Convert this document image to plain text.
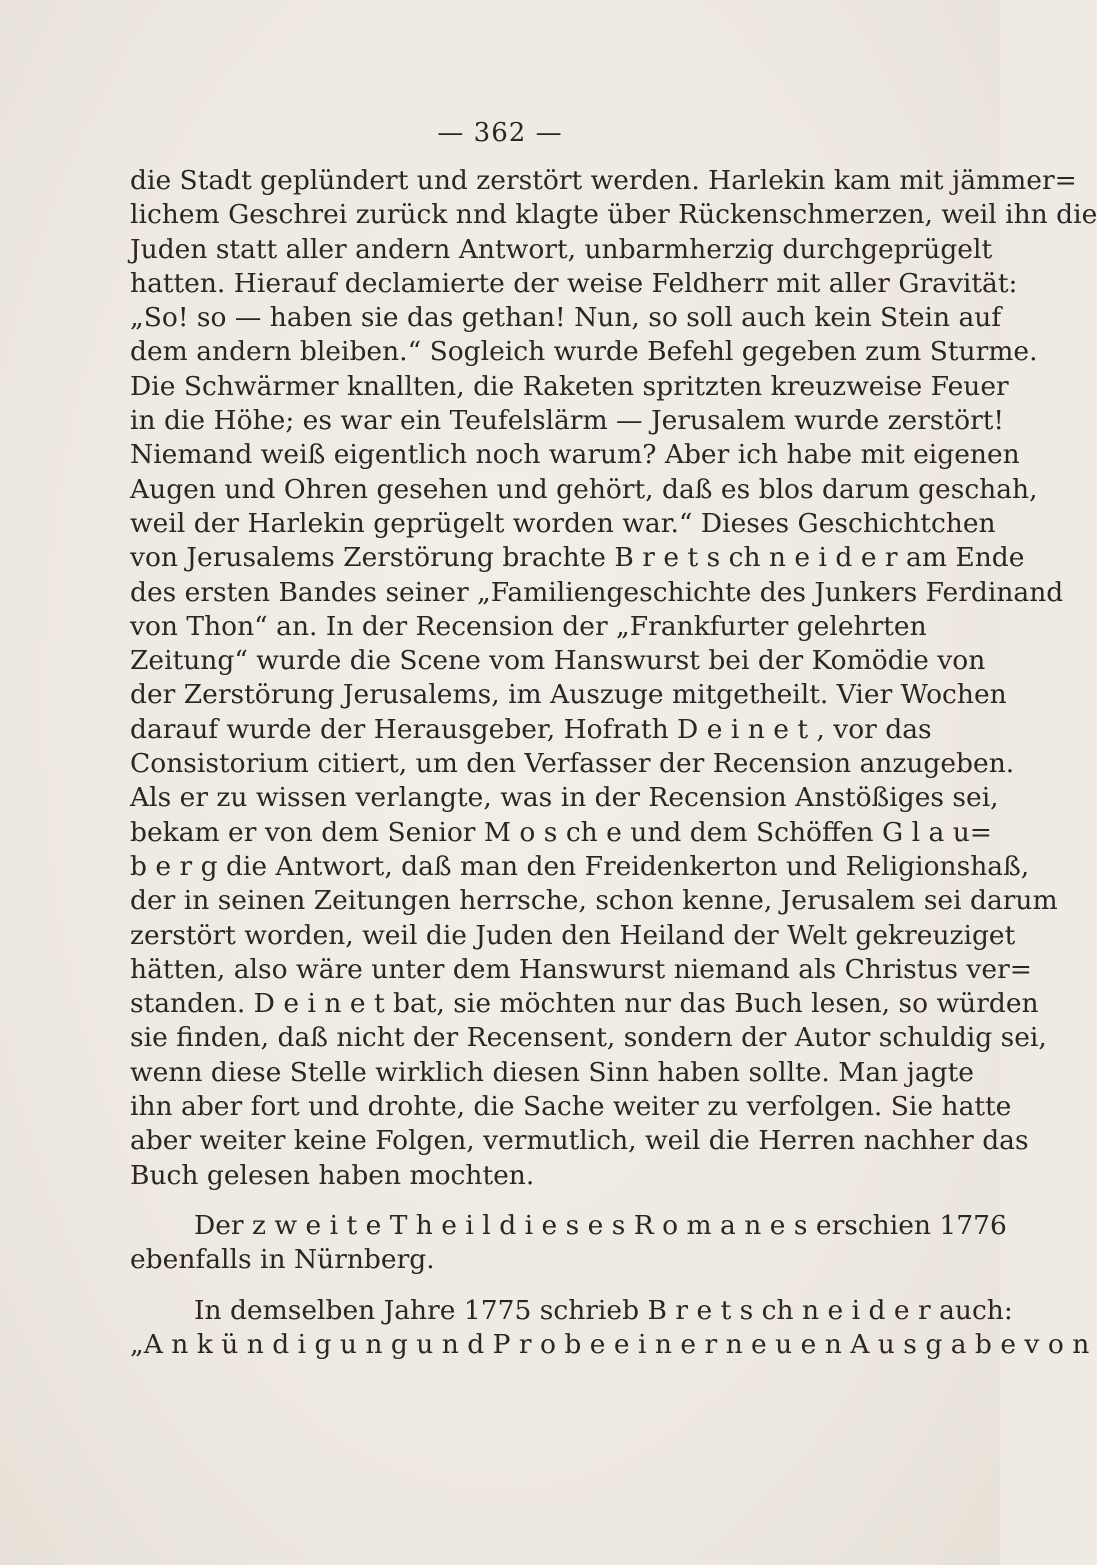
— 362 —
die Stadt geplündert und zerstört werden. Harlekin kam mit jämmer=
lichem Geschrei zurück nnd klagte über Rückenschmerzen, weil ihn die
Juden statt aller andern Antwort, unbarmherzig durchgeprügelt
hatten. Hierauf declamierte der weise Feldherr mit aller Gravität:
„So! so — haben sie das gethan! Nun, so soll auch kein Stein auf
dem andern bleiben.“ Sogleich wurde Befehl gegeben zum Sturme.
Die Schwärmer knallten, die Raketen spritzten kreuzweise Feuer
in die Höhe; es war ein Teufelslärm — Jerusalem wurde zerstört!
Niemand weiß eigentlich noch warum? Aber ich habe mit eigenen
Augen und Ohren gesehen und gehört, daß es blos darum geschah,
weil der Harlekin geprügelt worden war.“ Dieses Geschichtchen
von Jerusalems Zerstörung brachte B r e t s ch n e i d e r am Ende
des ersten Bandes seiner „Familiengeschichte des Junkers Ferdinand
von Thon“ an. In der Recension der „Frankfurter gelehrten
Zeitung“ wurde die Scene vom Hanswurst bei der Komödie von
der Zerstörung Jerusalems, im Auszuge mitgetheilt. Vier Wochen
darauf wurde der Herausgeber, Hofrath D e i n e t , vor das
Consistorium citiert, um den Verfasser der Recension anzugeben.
Als er zu wissen verlangte, was in der Recension Anstößiges sei,
bekam er von dem Senior M o s ch e und dem Schöffen G l a u=
b e r g die Antwort, daß man den Freidenkerton und Religionshaß,
der in seinen Zeitungen herrsche, schon kenne, Jerusalem sei darum
zerstört worden, weil die Juden den Heiland der Welt gekreuziget
hätten, also wäre unter dem Hanswurst niemand als Christus ver=
standen. D e i n e t bat, sie möchten nur das Buch lesen, so würden
sie finden, daß nicht der Recensent, sondern der Autor schuldig sei,
wenn diese Stelle wirklich diesen Sinn haben sollte. Man jagte
ihn aber fort und drohte, die Sache weiter zu verfolgen. Sie hatte
aber weiter keine Folgen, vermutlich, weil die Herren nachher das
Buch gelesen haben mochten.
Der z w e i t e T h e i l d i e s e s R o m a n e s erschien 1776
ebenfalls in Nürnberg.
In demselben Jahre 1775 schrieb B r e t s ch n e i d e r auch:
„A n k ü n d i g u n g u n d P r o b e e i n e r n e u e n A u s g a b e v o n
